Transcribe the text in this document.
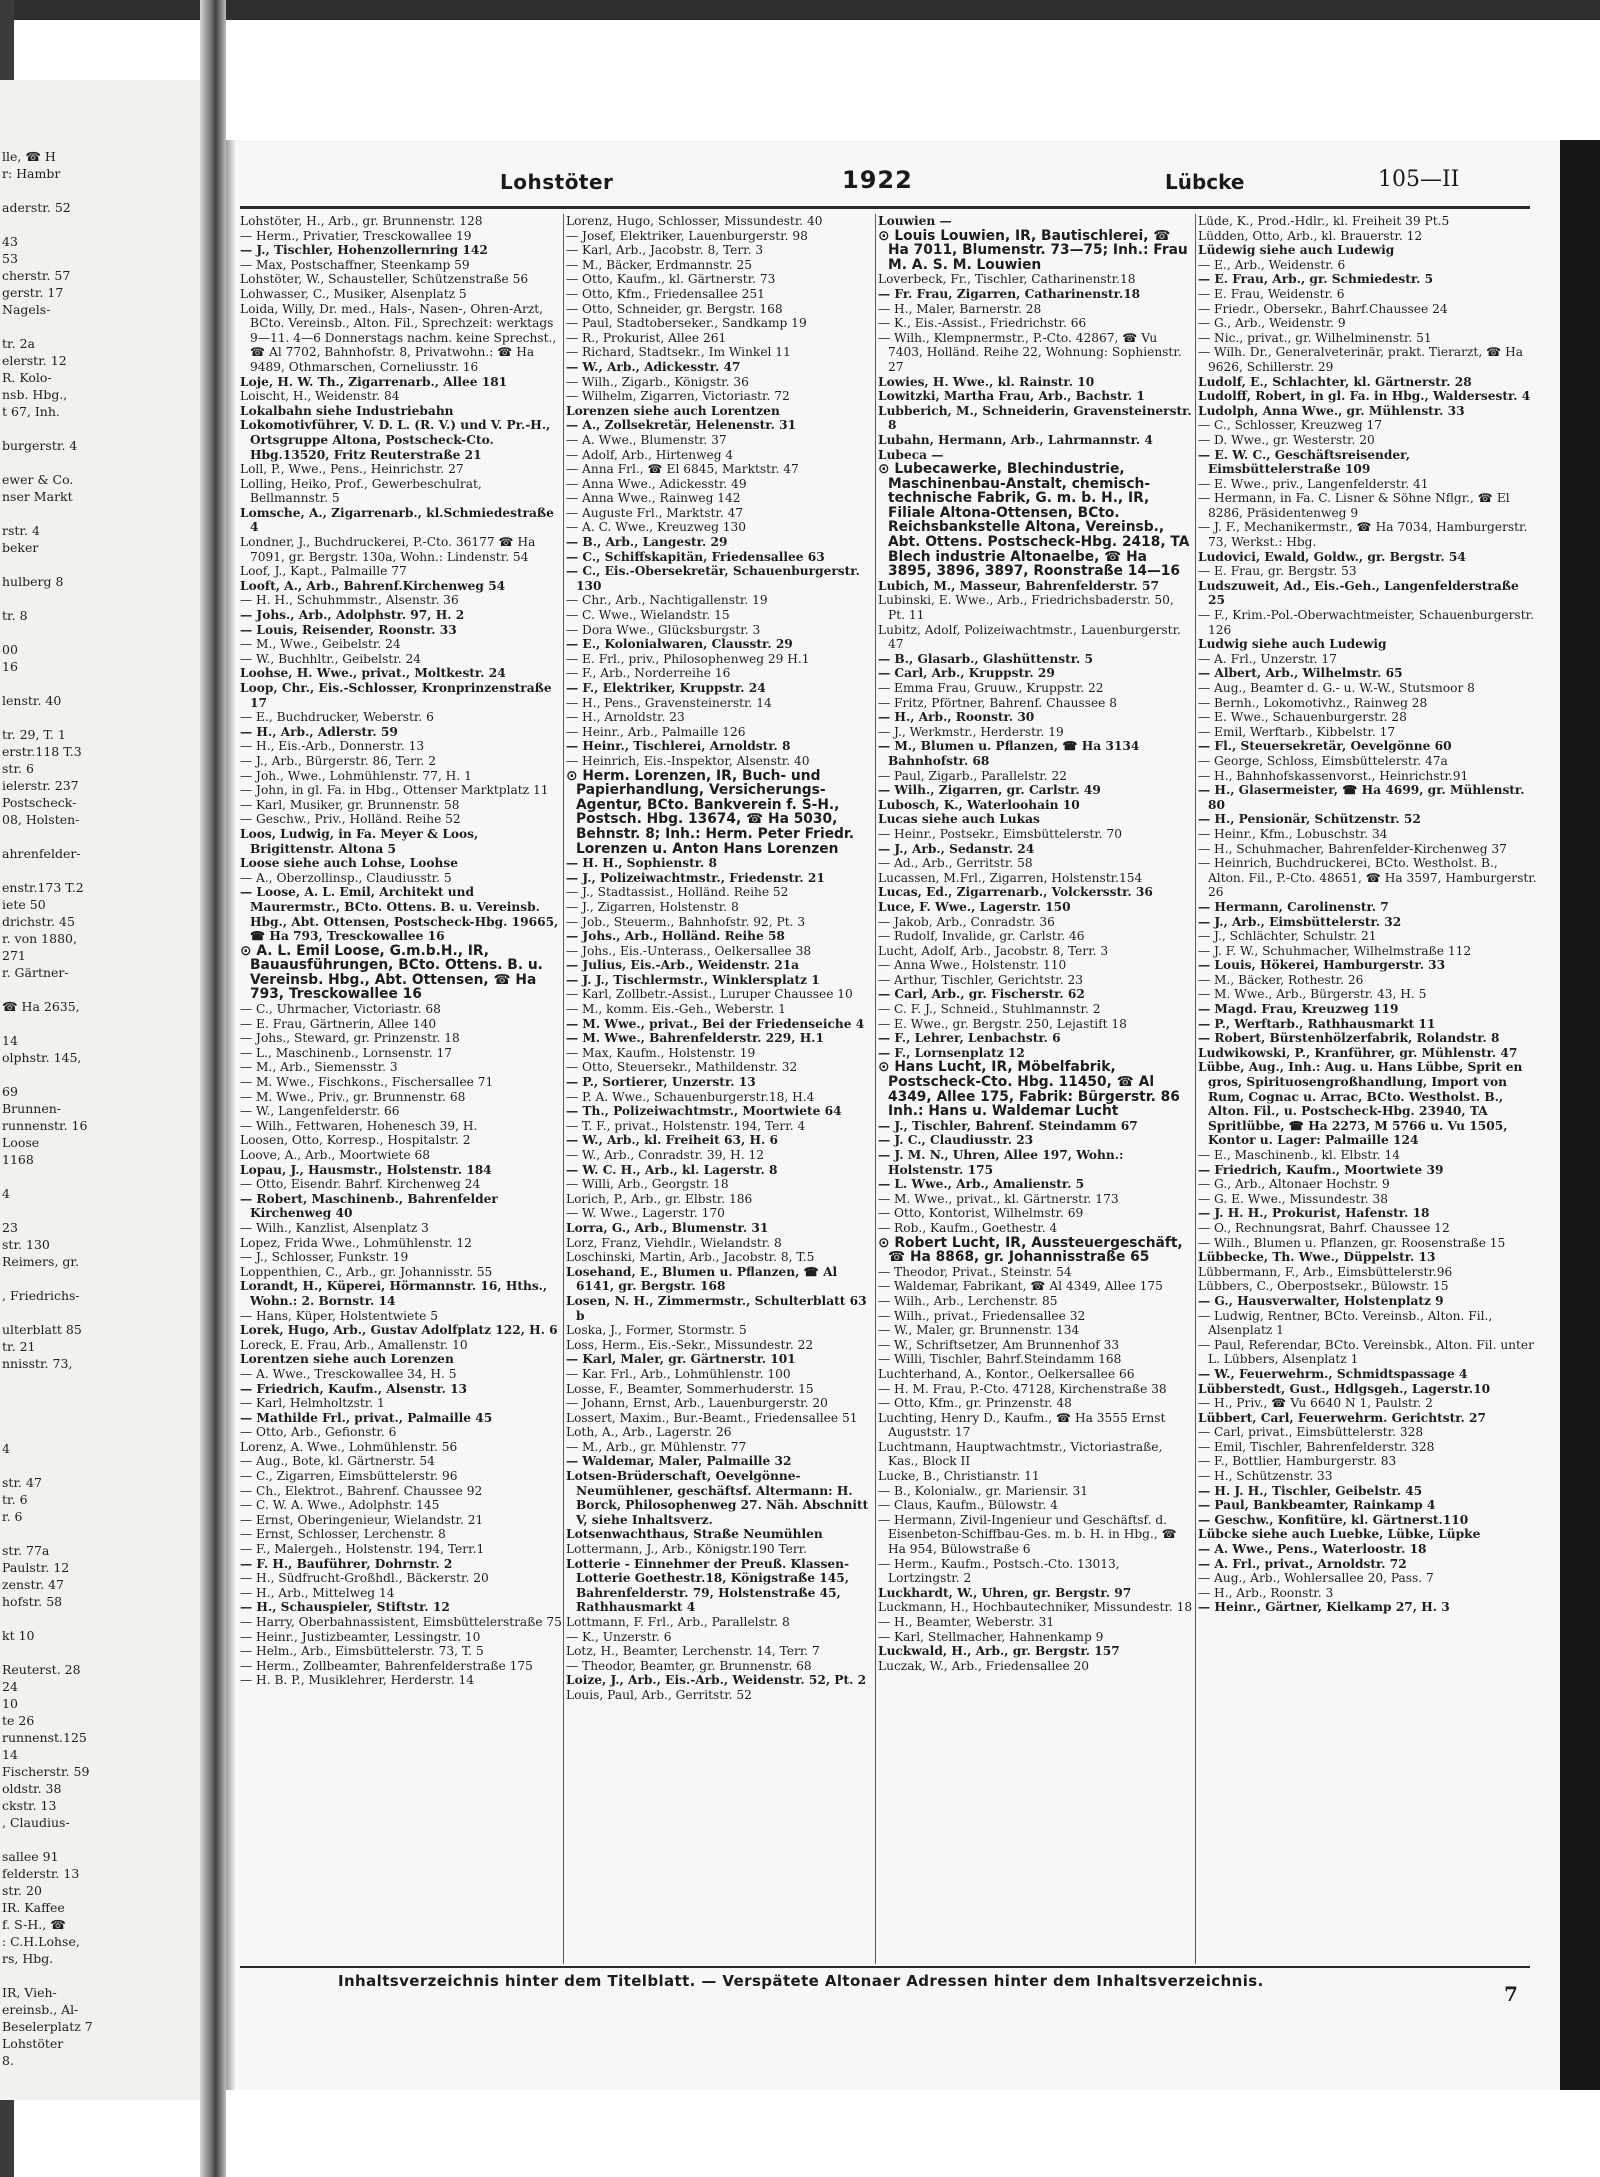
lle, ☎ H
r: Hambr
aderstr. 52
43
53
cherstr. 57
gerstr. 17
Nagels-
tr. 2a
elerstr. 12
R. Kolo-
nsb. Hbg.,
t 67, Inh.
burgerstr. 4
ewer & Co.
nser Markt
rstr. 4
beker
hulberg 8
tr. 8
00
16
lenstr. 40
tr. 29, T. 1
erstr.118 T.3
str. 6
ielerstr. 237
Postscheck-
08, Holsten-
ahrenfelder-
enstr.173 T.2
iete 50
drichstr. 45
r. von 1880,
271
r. Gärtner-
☎ Ha 2635,
14
olphstr. 145,
69
Brunnen-
runnenstr. 16
Loose
1168
4
23
str. 130
Reimers, gr.
, Friedrichs-
ulterblatt 85
tr. 21
nnisstr. 73,
4
str. 47
tr. 6
r. 6
str. 77a
Paulstr. 12
zenstr. 47
hofstr. 58
kt 10
Reuterst. 28
24
10
te 26
runnenst.125
14
Fischerstr. 59
oldstr. 38
ckstr. 13
, Claudius-
sallee 91
felderstr. 13
str. 20
IR. Kaffee
f. S-H., ☎
: C.H.Lohse,
rs, Hbg.
IR, Vieh-
ereinsb., Al-
Beselerplatz 7
Lohstöter
8.
Lohstöter	1922	Lübcke	105—II

Lohstöter, H., Arb., gr. Brunnenstr. 128

— Herm., Privatier, Tresckowallee 19

— J., Tischler, Hohenzollernring 142

— Max, Postschaffner, Steenkamp 59

Lohstöter, W., Schausteller, Schützenstraße 56

Lohwasser, C., Musiker, Alsenplatz 5

Loida, Willy, Dr. med., Hals-, Nasen-, Ohren-Arzt, BCto. Vereinsb., Alton. Fil., Sprechzeit: werktags 9—11. 4—6 Donnerstags nachm. keine Sprechst., ☎ Al 7702, Bahnhofstr. 8, Privatwohn.: ☎ Ha 9489, Othmarschen, Corneliusstr. 16

Loje, H. W. Th., Zigarrenarb., Allee 181

Loischt, H., Weidenstr. 84

Lokalbahn siehe Industriebahn

Lokomotivführer, V. D. L. (R. V.) und V. Pr.-H., Ortsgruppe Altona, Postscheck-Cto. Hbg.13520, Fritz Reuterstraße 21

Loll, P., Wwe., Pens., Heinrichstr. 27

Lolling, Heiko, Prof., Gewerbeschulrat, Bellmannstr. 5

Lomsche, A., Zigarrenarb., kl.Schmiedestraße 4

Londner, J., Buchdruckerei, P.-Cto. 36177 ☎ Ha 7091, gr. Bergstr. 130a, Wohn.: Lindenstr. 54

Loof, J., Kapt., Palmaille 77

Looft, A., Arb., Bahrenf.Kirchenweg 54

— H. H., Schuhmmstr., Alsenstr. 36

— Johs., Arb., Adolphstr. 97, H. 2

— Louis, Reisender, Roonstr. 33

— M., Wwe., Geibelstr. 24

— W., Buchhltr., Geibelstr. 24

Loohse, H. Wwe., privat., Moltkestr. 24

Loop, Chr., Eis.-Schlosser, Kronprinzenstraße 17

— E., Buchdrucker, Weberstr. 6

— H., Arb., Adlerstr. 59

— H., Eis.-Arb., Donnerstr. 13

— J., Arb., Bürgerstr. 86, Terr. 2

— Joh., Wwe., Lohmühlenstr. 77, H. 1

— John, in gl. Fa. in Hbg., Ottenser Marktplatz 11

— Karl, Musiker, gr. Brunnenstr. 58

— Geschw., Priv., Holländ. Reihe 52

Loos, Ludwig, in Fa. Meyer & Loos, Brigittenstr. Altona 5

Loose siehe auch Lohse, Loohse

— A., Oberzollinsp., Claudiusstr. 5

— Loose, A. L. Emil, Architekt und Maurermstr., BCto. Ottens. B. u. Vereinsb. Hbg., Abt. Ottensen, Postscheck-Hbg. 19665, ☎ Ha 793, Tresckowallee 16

⊙ A. L. Emil Loose, G.m.b.H., IR, Bauausführungen, BCto. Ottens. B. u. Vereinsb. Hbg., Abt. Ottensen, ☎ Ha 793, Tresckowallee 16

— C., Uhrmacher, Victoriastr. 68

— E. Frau, Gärtnerin, Allee 140

— Johs., Steward, gr. Prinzenstr. 18

— L., Maschinenb., Lornsenstr. 17

— M., Arb., Siemensstr. 3

— M. Wwe., Fischkons., Fischersallee 71

— M. Wwe., Priv., gr. Brunnenstr. 68

— W., Langenfelderstr. 66

— Wilh., Fettwaren, Hohenesch 39, H.

Loosen, Otto, Korresp., Hospitalstr. 2

Loove, A., Arb., Moortwiete 68

Lopau, J., Hausmstr., Holstenstr. 184

— Otto, Eisendr. Bahrf. Kirchenweg 24

— Robert, Maschinenb., Bahrenfelder Kirchenweg 40

— Wilh., Kanzlist, Alsenplatz 3

Lopez, Frida Wwe., Lohmühlenstr. 12

— J., Schlosser, Funkstr. 19

Loppenthien, C., Arb., gr. Johannisstr. 55

Lorandt, H., Küperei, Hörmannstr. 16, Hths., Wohn.: 2. Bornstr. 14

— Hans, Küper, Holstentwiete 5

Lorek, Hugo, Arb., Gustav Adolfplatz 122, H. 6

Loreck, E. Frau, Arb., Amallenstr. 10

Lorentzen siehe auch Lorenzen

— A. Wwe., Tresckowallee 34, H. 5

— Friedrich, Kaufm., Alsenstr. 13

— Karl, Helmholtzstr. 1

— Mathilde Frl., privat., Palmaille 45

— Otto, Arb., Gefionstr. 6

Lorenz, A. Wwe., Lohmühlenstr. 56

— Aug., Bote, kl. Gärtnerstr. 54

— C., Zigarren, Eimsbüttelerstr. 96

— Ch., Elektrot., Bahrenf. Chaussee 92

— C. W. A. Wwe., Adolphstr. 145

— Ernst, Oberingenieur, Wielandstr. 21

— Ernst, Schlosser, Lerchenstr. 8

— F., Malergeh., Holstenstr. 194, Terr.1

— F. H., Bauführer, Dohrnstr. 2

— H., Südfrucht-Großhdl., Bäckerstr. 20

— H., Arb., Mittelweg 14

— H., Schauspieler, Stiftstr. 12

— Harry, Oberbahnassistent, Eimsbüttelerstraße 75

— Heinr., Justizbeamter, Lessingstr. 10

— Helm., Arb., Eimsbüttelerstr. 73, T. 5

— Herm., Zollbeamter, Bahrenfelderstraße 175

— H. B. P., Musiklehrer, Herderstr. 14

Lorenz, Hugo, Schlosser, Missundestr. 40

— Josef, Elektriker, Lauenburgerstr. 98

— Karl, Arb., Jacobstr. 8, Terr. 3

— M., Bäcker, Erdmannstr. 25

— Otto, Kaufm., kl. Gärtnerstr. 73

— Otto, Kfm., Friedensallee 251

— Otto, Schneider, gr. Bergstr. 168

— Paul, Stadtoberseker., Sandkamp 19

— R., Prokurist, Allee 261

— Richard, Stadtsekr., Im Winkel 11

— W., Arb., Adickesstr. 47

— Wilh., Zigarb., Königstr. 36

— Wilhelm, Zigarren, Victoriastr. 72

Lorenzen siehe auch Lorentzen

— A., Zollsekretär, Helenenstr. 31

— A. Wwe., Blumenstr. 37

— Adolf, Arb., Hirtenweg 4

— Anna Frl., ☎ El 6845, Marktstr. 47

— Anna Wwe., Adickesstr. 49

— Anna Wwe., Rainweg 142

— Auguste Frl., Marktstr. 47

— A. C. Wwe., Kreuzweg 130

— B., Arb., Langestr. 29

— C., Schiffskapitän, Friedensallee 63

— C., Eis.-Obersekretär, Schauenburgerstr. 130

— Chr., Arb., Nachtigallenstr. 19

— C. Wwe., Wielandstr. 15

— Dora Wwe., Glücksburgstr. 3

— E., Kolonialwaren, Clausstr. 29

— E. Frl., priv., Philosophenweg 29 H.1

— F., Arb., Norderreihe 16

— F., Elektriker, Kruppstr. 24

— H., Pens., Gravensteinerstr. 14

— H., Arnoldstr. 23

— Heinr., Arb., Palmaille 126

— Heinr., Tischlerei, Arnoldstr. 8

— Heinrich, Eis.-Inspektor, Alsenstr. 40

⊙ Herm. Lorenzen, IR, Buch- und Papierhandlung, Versicherungs-Agentur, BCto. Bankverein f. S-H., Postsch. Hbg. 13674, ☎ Ha 5030, Behnstr. 8; Inh.: Herm. Peter Friedr. Lorenzen u. Anton Hans Lorenzen

— H. H., Sophienstr. 8

— J., Polizeiwachtmstr., Friedenstr. 21

— J., Stadtassist., Holländ. Reihe 52

— J., Zigarren, Holstenstr. 8

— Job., Steuerm., Bahnhofstr. 92, Pt. 3

— Johs., Arb., Holländ. Reihe 58

— Johs., Eis.-Unterass., Oelkersallee 38

— Julius, Eis.-Arb., Weidenstr. 21a

— J. J., Tischlermstr., Winklersplatz 1

— Karl, Zollbetr.-Assist., Luruper Chaussee 10

— M., komm. Eis.-Geh., Weberstr. 1

— M. Wwe., privat., Bei der Friedenseiche 4

— M. Wwe., Bahrenfelderstr. 229, H.1

— Max, Kaufm., Holstenstr. 19

— Otto, Steuersekr., Mathildenstr. 32

— P., Sortierer, Unzerstr. 13

— P. A. Wwe., Schauenburgerstr.18, H.4

— Th., Polizeiwachtmstr., Moortwiete 64

— T. F., privat., Holstenstr. 194, Terr. 4

— W., Arb., kl. Freiheit 63, H. 6

— W., Arb., Conradstr. 39, H. 12

— W. C. H., Arb., kl. Lagerstr. 8

— Willi, Arb., Georgstr. 18

Lorich, P., Arb., gr. Elbstr. 186

— W. Wwe., Lagerstr. 170

Lorra, G., Arb., Blumenstr. 31

Lorz, Franz, Viehdlr., Wielandstr. 8

Loschinski, Martin, Arb., Jacobstr. 8, T.5

Losehand, E., Blumen u. Pflanzen, ☎ Al 6141, gr. Bergstr. 168

Losen, N. H., Zimmermstr., Schulterblatt 63 b

Loska, J., Former, Stormstr. 5

Loss, Herm., Eis.-Sekr., Missundestr. 22

— Karl, Maler, gr. Gärtnerstr. 101

— Kar. Frl., Arb., Lohmühlenstr. 100

Losse, F., Beamter, Sommerhuderstr. 15

— Johann, Ernst, Arb., Lauenburgerstr. 20

Lossert, Maxim., Bur.-Beamt., Friedensallee 51

Loth, A., Arb., Lagerstr. 26

— M., Arb., gr. Mühlenstr. 77

— Waldemar, Maler, Palmaille 32

Lotsen-Brüderschaft, Oevelgönne-Neumühlener, geschäftsf. Altermann: H. Borck, Philosophenweg 27. Näh. Abschnitt V, siehe Inhaltsverz.

Lotsenwachthaus, Straße Neumühlen

Lottermann, J., Arb., Königstr.190 Terr.

Lotterie - Einnehmer der Preuß. Klassen-Lotterie Goethestr.18, Königstraße 145, Bahrenfelderstr. 79, Holstenstraße 45, Rathhausmarkt 4

Lottmann, F. Frl., Arb., Parallelstr. 8

— K., Unzerstr. 6

Lotz, H., Beamter, Lerchenstr. 14, Terr. 7

— Theodor, Beamter, gr. Brunnenstr. 68

Loize, J., Arb., Eis.-Arb., Weidenstr. 52, Pt. 2

Louis, Paul, Arb., Gerritstr. 52

Louwien —

⊙ Louis Louwien, IR, Bautischlerei, ☎ Ha 7011, Blumenstr. 73—75; Inh.: Frau M. A. S. M. Louwien

Loverbeck, Fr., Tischler, Catharinenstr.18

— Fr. Frau, Zigarren, Catharinenstr.18

— H., Maler, Barnerstr. 28

— K., Eis.-Assist., Friedrichstr. 66

— Wilh., Klempnermstr., P.-Cto. 42867, ☎ Vu 7403, Holländ. Reihe 22, Wohnung: Sophienstr. 27

Lowies, H. Wwe., kl. Rainstr. 10

Lowitzki, Martha Frau, Arb., Bachstr. 1

Lubberich, M., Schneiderin, Gravensteinerstr. 8

Lubahn, Hermann, Arb., Lahrmannstr. 4

Lubeca —

⊙ Lubecawerke, Blechindustrie, Maschinenbau-Anstalt, chemisch-technische Fabrik, G. m. b. H., IR, Filiale Altona-Ottensen, BCto. Reichsbankstelle Altona, Vereinsb., Abt. Ottens. Postscheck-Hbg. 2418, TA Blech industrie Altonaelbe, ☎ Ha 3895, 3896, 3897, Roonstraße 14—16

Lubich, M., Masseur, Bahrenfelderstr. 57

Lubinski, E. Wwe., Arb., Friedrichsbaderstr. 50, Pt. 11

Lubitz, Adolf, Polizeiwachtmstr., Lauenburgerstr. 47

— B., Glasarb., Glashüttenstr. 5

— Carl, Arb., Kruppstr. 29

— Emma Frau, Gruuw., Kruppstr. 22

— Fritz, Pförtner, Bahrenf. Chaussee 8

— H., Arb., Roonstr. 30

— J., Werkmstr., Herderstr. 19

— M., Blumen u. Pflanzen, ☎ Ha 3134 Bahnhofstr. 68

— Paul, Zigarb., Parallelstr. 22

— Wilh., Zigarren, gr. Carlstr. 49

Lubosch, K., Waterloohain 10

Lucas siehe auch Lukas

— Heinr., Postsekr., Eimsbüttelerstr. 70

— J., Arb., Sedanstr. 24

— Ad., Arb., Gerritstr. 58

Lucassen, M.Frl., Zigarren, Holstenstr.154

Lucas, Ed., Zigarrenarb., Volckersstr. 36

Luce, F. Wwe., Lagerstr. 150

— Jakob, Arb., Conradstr. 36

— Rudolf, Invalide, gr. Carlstr. 46

Lucht, Adolf, Arb., Jacobstr. 8, Terr. 3

— Anna Wwe., Holstenstr. 110

— Arthur, Tischler, Gerichtstr. 23

— Carl, Arb., gr. Fischerstr. 62

— C. F. J., Schneid., Stuhlmannstr. 2

— E. Wwe., gr. Bergstr. 250, Lejastift 18

— F., Lehrer, Lenbachstr. 6

— F., Lornsenplatz 12

⊙ Hans Lucht, IR, Möbelfabrik, Postscheck-Cto. Hbg. 11450, ☎ Al 4349, Allee 175, Fabrik: Bürgerstr. 86 Inh.: Hans u. Waldemar Lucht

— J., Tischler, Bahrenf. Steindamm 67

— J. C., Claudiusstr. 23

— J. M. N., Uhren, Allee 197, Wohn.: Holstenstr. 175

— L. Wwe., Arb., Amalienstr. 5

— M. Wwe., privat., kl. Gärtnerstr. 173

— Otto, Kontorist, Wilhelmstr. 69

— Rob., Kaufm., Goethestr. 4

⊙ Robert Lucht, IR, Aussteuergeschäft, ☎ Ha 8868, gr. Johannisstraße 65

— Theodor, Privat., Steinstr. 54

— Waldemar, Fabrikant, ☎ Al 4349, Allee 175

— Wilh., Arb., Lerchenstr. 85

— Wilh., privat., Friedensallee 32

— W., Maler, gr. Brunnenstr. 134

— W., Schriftsetzer, Am Brunnenhof 33

— Willi, Tischler, Bahrf.Steindamm 168

Luchterhand, A., Kontor., Oelkersallee 66

— H. M. Frau, P.-Cto. 47128, Kirchenstraße 38

— Otto, Kfm., gr. Prinzenstr. 48

Luchting, Henry D., Kaufm., ☎ Ha 3555 Ernst Auguststr. 17

Luchtmann, Hauptwachtmstr., Victoriastraße, Kas., Block II

Lucke, B., Christianstr. 11

— B., Kolonialw., gr. Mariensir. 31

— Claus, Kaufm., Bülowstr. 4

— Hermann, Zivil-Ingenieur und Geschäftsf. d. Eisenbeton-Schiffbau-Ges. m. b. H. in Hbg., ☎ Ha 954, Bülowstraße 6

— Herm., Kaufm., Postsch.-Cto. 13013, Lortzingstr. 2

Luckhardt, W., Uhren, gr. Bergstr. 97

Luckmann, H., Hochbautechniker, Missundestr. 18

— H., Beamter, Weberstr. 31

— Karl, Stellmacher, Hahnenkamp 9

Luckwald, H., Arb., gr. Bergstr. 157

Luczak, W., Arb., Friedensallee 20

Lüde, K., Prod.-Hdlr., kl. Freiheit 39 Pt.5

Lüdden, Otto, Arb., kl. Brauerstr. 12

Lüdewig siehe auch Ludewig

— E., Arb., Weidenstr. 6

— E. Frau, Arb., gr. Schmiedestr. 5

— E. Frau, Weidenstr. 6

— Friedr., Obersekr., Bahrf.Chaussee 24

— G., Arb., Weidenstr. 9

— Nic., privat., gr. Wilhelminenstr. 51

— Wilh. Dr., Generalveterinär, prakt. Tierarzt, ☎ Ha 9626, Schillerstr. 29

Ludolf, E., Schlachter, kl. Gärtnerstr. 28

Ludolff, Robert, in gl. Fa. in Hbg., Waldersestr. 4

Ludolph, Anna Wwe., gr. Mühlenstr. 33

— C., Schlosser, Kreuzweg 17

— D. Wwe., gr. Westerstr. 20

— E. W. C., Geschäftsreisender, Eimsbüttelerstraße 109

— E. Wwe., priv., Langenfelderstr. 41

— Hermann, in Fa. C. Lisner & Söhne Nflgr., ☎ El 8286, Präsidentenweg 9

— J. F., Mechanikermstr., ☎ Ha 7034, Hamburgerstr. 73, Werkst.: Hbg.

Ludovici, Ewald, Goldw., gr. Bergstr. 54

— E. Frau, gr. Bergstr. 53

Ludszuweit, Ad., Eis.-Geh., Langenfelderstraße 25

— F., Krim.-Pol.-Oberwachtmeister, Schauenburgerstr. 126

Ludwig siehe auch Ludewig

— A. Frl., Unzerstr. 17

— Albert, Arb., Wilhelmstr. 65

— Aug., Beamter d. G.- u. W.-W., Stutsmoor 8

— Bernh., Lokomotivhz., Rainweg 28

— E. Wwe., Schauenburgerstr. 28

— Emil, Werftarb., Kibbelstr. 17

— Fl., Steuersekretär, Oevelgönne 60

— George, Schloss, Eimsbüttelerstr. 47a

— H., Bahnhofskassenvorst., Heinrichstr.91

— H., Glasermeister, ☎ Ha 4699, gr. Mühlenstr. 80

— H., Pensionär, Schützenstr. 52

— Heinr., Kfm., Lobuschstr. 34

— H., Schuhmacher, Bahrenfelder-Kirchenweg 37

— Heinrich, Buchdruckerei, BCto. Westholst. B., Alton. Fil., P.-Cto. 48651, ☎ Ha 3597, Hamburgerstr. 26

— Hermann, Carolinenstr. 7

— J., Arb., Eimsbüttelerstr. 32

— J., Schlächter, Schulstr. 21

— J. F. W., Schuhmacher, Wilhelmstraße 112

— Louis, Hökerei, Hamburgerstr. 33

— M., Bäcker, Rothestr. 26

— M. Wwe., Arb., Bürgerstr. 43, H. 5

— Magd. Frau, Kreuzweg 119

— P., Werftarb., Rathhausmarkt 11

— Robert, Bürstenhölzerfabrik, Rolandstr. 8

Ludwikowski, P., Kranführer, gr. Mühlenstr. 47

Lübbe, Aug., Inh.: Aug. u. Hans Lübbe, Sprit en gros, Spirituosengroßhandlung, Import von Rum, Cognac u. Arrac, BCto. Westholst. B., Alton. Fil., u. Postscheck-Hbg. 23940, TA Spritlübbe, ☎ Ha 2273, M 5766 u. Vu 1505, Kontor u. Lager: Palmaille 124

— E., Maschinenb., kl. Elbstr. 14

— Friedrich, Kaufm., Moortwiete 39

— G., Arb., Altonaer Hochstr. 9

— G. E. Wwe., Missundestr. 38

— J. H. H., Prokurist, Hafenstr. 18

— O., Rechnungsrat, Bahrf. Chaussee 12

— Wilh., Blumen u. Pflanzen, gr. Roosenstraße 15

Lübbecke, Th. Wwe., Düppelstr. 13

Lübbermann, F., Arb., Eimsbüttelerstr.96

Lübbers, C., Oberpostsekr., Bülowstr. 15

— G., Hausverwalter, Holstenplatz 9

— Ludwig, Rentner, BCto. Vereinsb., Alton. Fil., Alsenplatz 1

— Paul, Referendar, BCto. Vereinsbk., Alton. Fil. unter L. Lübbers, Alsenplatz 1

— W., Feuerwehrm., Schmidtspassage 4

Lübberstedt, Gust., Hdlgsgeh., Lagerstr.10

— H., Priv., ☎ Vu 6640 N 1, Paulstr. 2

Lübbert, Carl, Feuerwehrm. Gerichtstr. 27

— Carl, privat., Eimsbüttelerstr. 328

— Emil, Tischler, Bahrenfelderstr. 328

— F., Bottlier, Hamburgerstr. 83

— H., Schützenstr. 33

— H. J. H., Tischler, Geibelstr. 45

— Paul, Bankbeamter, Rainkamp 4

— Geschw., Konfitüre, kl. Gärtnerst.110

Lübcke siehe auch Luebke, Lübke, Lüpke

— A. Wwe., Pens., Waterloostr. 18

— A. Frl., privat., Arnoldstr. 72

— Aug., Arb., Wohlersallee 20, Pass. 7

— H., Arb., Roonstr. 3

— Heinr., Gärtner, Kielkamp 27, H. 3

Inhaltsverzeichnis hinter dem Titelblatt. — Verspätete Altonaer Adressen hinter dem Inhaltsverzeichnis.
7
